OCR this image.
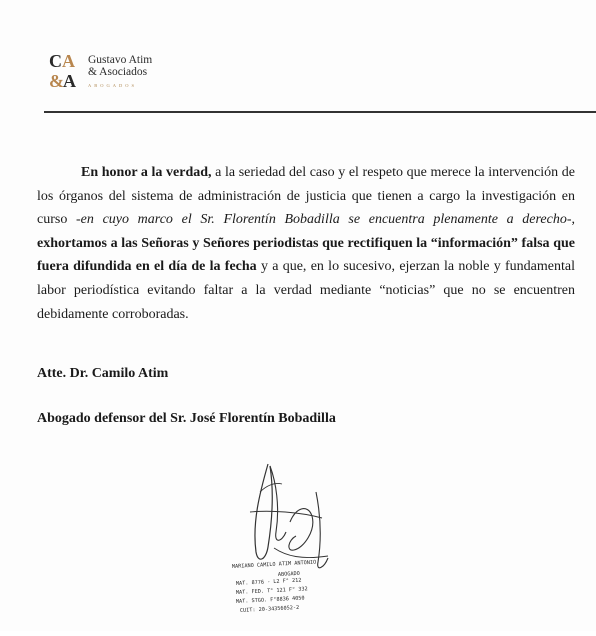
C A
& A
Gustavo Atim
& Asociados
ABOGADOS

En honor a la verdad, a la seriedad del caso y el respeto que merece la intervención de los órganos del sistema de administración de justicia que tienen a cargo la investigación en curso -en cuyo marco el Sr. Florentín Bobadilla se encuentra plenamente a derecho-, exhortamos a las Señoras y Señores periodistas que rectifiquen la “información” falsa que fuera difundida en el día de la fecha y a que, en lo sucesivo, ejerzan la noble y fundamental labor periodística evitando faltar a la verdad mediante “noticias” que no se encuentren debidamente corroboradas.

Atte. Dr. Camilo Atim
Abogado defensor del Sr. José Florentín Bobadilla
MARIANO CAMILO ATIM ANTONIO
ABOGADO
MAT. 8776 - L2 F° 212
MAT. FED. T° 121 F° 332
MAT. STGO. F°8836 4050
CUIT: 20-34356052-2
